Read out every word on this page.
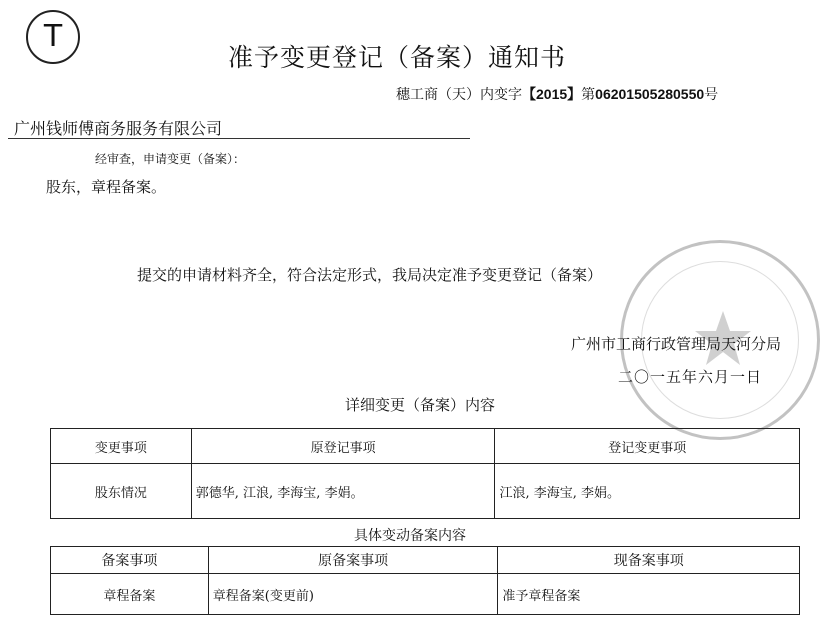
T
准予变更登记（备案）通知书
穗工商（天）内变字【2015】第06201505280550号
广州钱师傅商务服务有限公司
经审查，申请变更（备案）：
股东，章程备案。
提交的申请材料齐全，符合法定形式，我局决定准予变更登记（备案）
广州市工商行政管理局天河分局
二〇一五年六月一日
详细变更（备案）内容
变更事项	原登记事项	登记变更事项
股东情况	郭德华, 江浪, 李海宝, 李娟。	江浪, 李海宝, 李娟。
具体变动备案内容
备案事项	原备案事项	现备案事项
章程备案	章程备案(变更前)	准予章程备案
